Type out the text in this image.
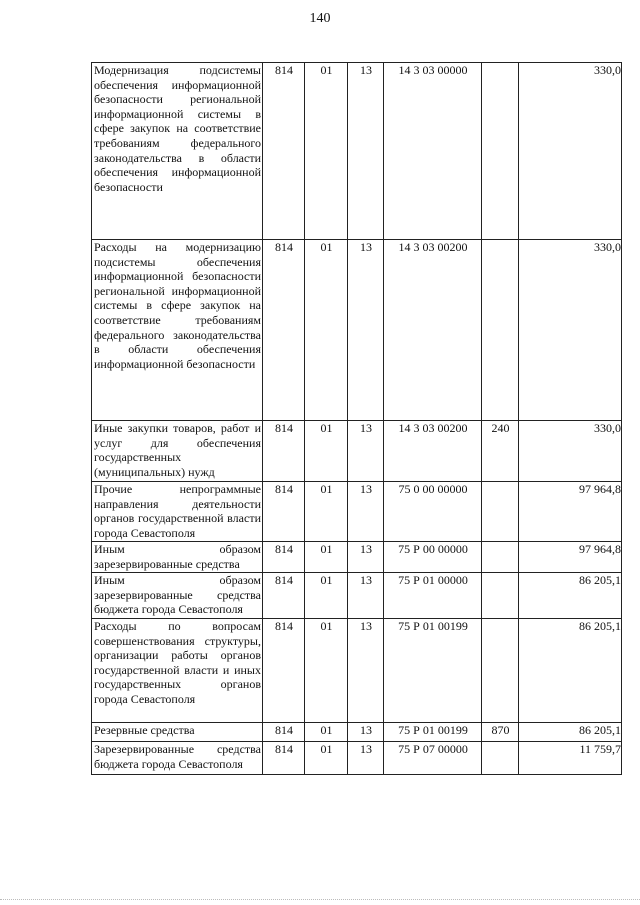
140
Модернизация подсистемы обеспечения информационной безопасности региональной информационной системы в сфере закупок на соответствие требованиям федерального законодательства в области обеспечения информационной безопасности	814	01	13	14 3 03 00000		330,0
Расходы на модернизацию подсистемы обеспечения информационной безопасности региональной информационной системы в сфере закупок на соответствие требованиям федерального законодательства в области обеспечения информационной безопасности	814	01	13	14 3 03 00200		330,0
Иные закупки товаров, работ и услуг для обеспечения государственных (муниципальных) нужд	814	01	13	14 3 03 00200	240	330,0
Прочие непрограммные направления деятельности органов государственной власти города Севастополя	814	01	13	75 0 00 00000		97 964,8
Иным образом зарезервированные средства	814	01	13	75 Р 00 00000		97 964,8
Иным образом зарезервированные средства бюджета города Севастополя	814	01	13	75 Р 01 00000		86 205,1
Расходы по вопросам совершенствования структуры, организации работы органов государственной власти и иных государственных органов города Севастополя	814	01	13	75 Р 01 00199		86 205,1
Резервные средства	814	01	13	75 Р 01 00199	870	86 205,1
Зарезервированные средства бюджета города Севастополя	814	01	13	75 Р 07 00000		11 759,7
